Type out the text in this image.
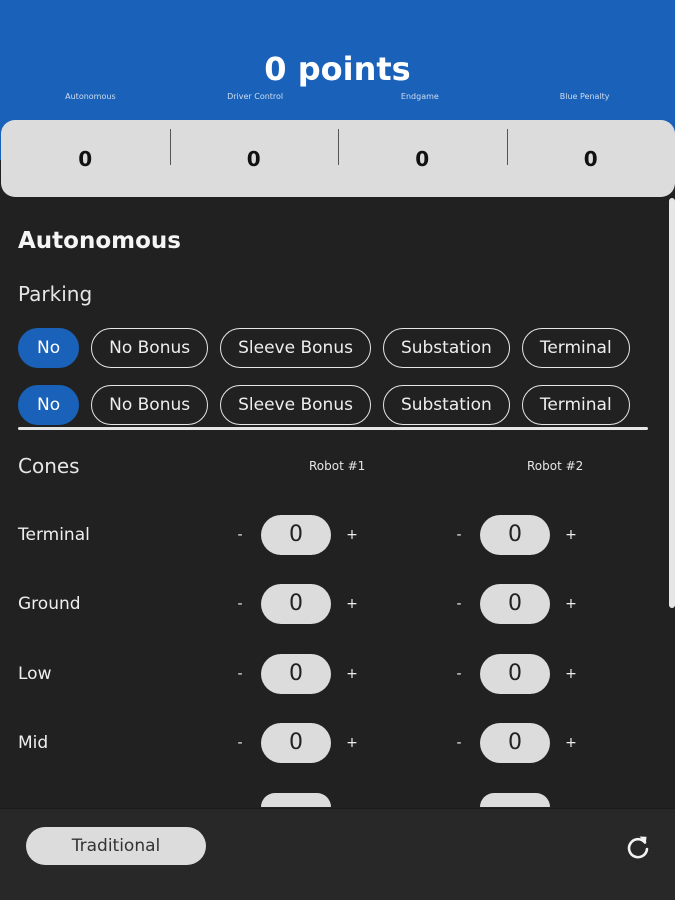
0 points
Autonomous	Driver Control	Endgame	Blue Penalty
0	0	0	0
Autonomous
Parking
No	No Bonus	Sleeve Bonus	Substation	Terminal
No	No Bonus	Sleeve Bonus	Substation	Terminal
Cones	Robot #1	Robot #2
Terminal	-	0	+	-	0	+
Ground	-	0	+	-	0	+
Low	-	0	+	-	0	+
Mid	-	0	+	-	0	+
Traditional
